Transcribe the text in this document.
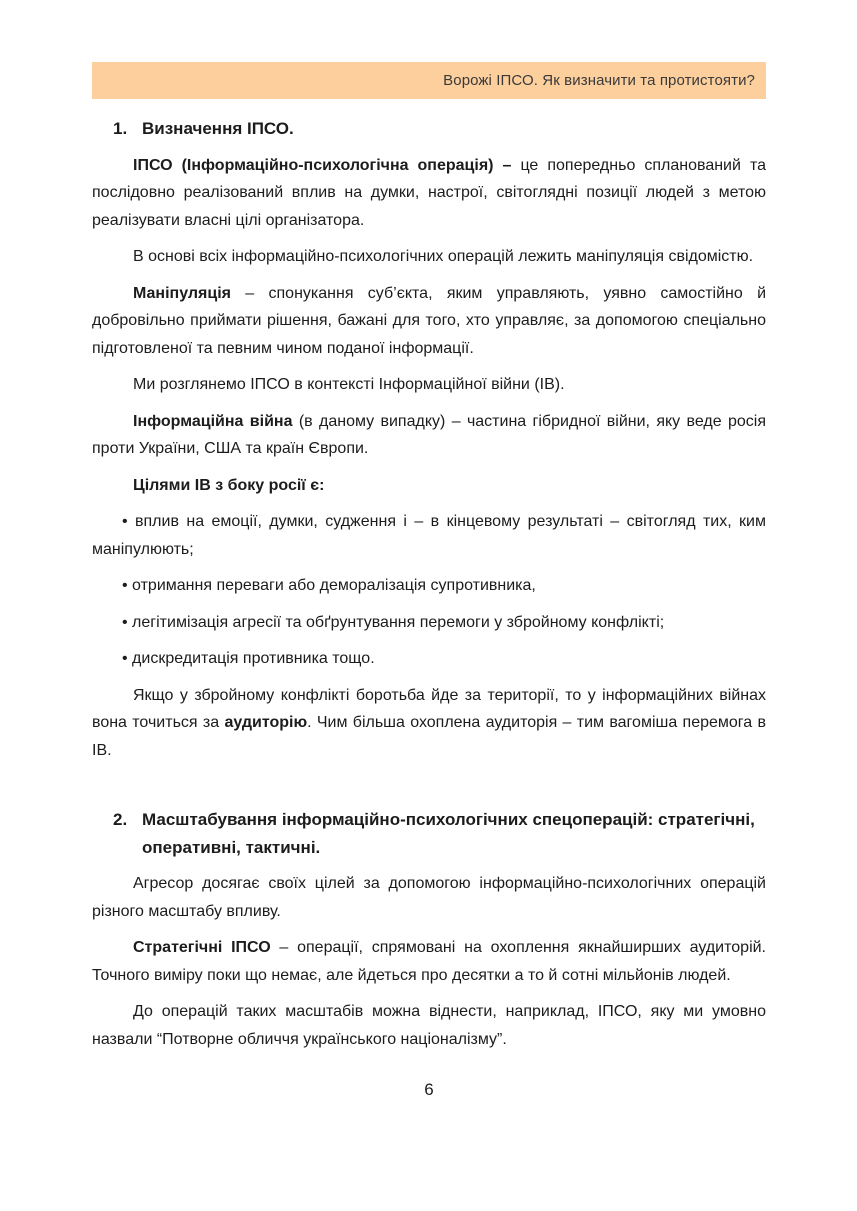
Ворожі ІПСО. Як визначити та протистояти?
1. Визначення ІПСО.

ІПСО (Інформаційно-психологічна операція) – це попередньо спланований та послідовно реалізований вплив на думки, настрої, світоглядні позиції людей з метою реалізувати власні цілі організатора.

В основі всіх інформаційно-психологічних операцій лежить маніпуляція свідомістю.

Маніпуляція – спонукання суб’єкта, яким управляють, уявно самостійно й добровільно приймати рішення, бажані для того, хто управляє, за допомогою спеціально підготовленої та певним чином поданої інформації.

Ми розглянемо ІПСО в контексті Інформаційної війни (ІВ).

Інформаційна війна (в даному випадку) – частина гібридної війни, яку веде росія проти України, США та країн Європи.

Цілями ІВ з боку росії є:

• вплив на емоції, думки, судження і – в кінцевому результаті – світогляд тих, ким маніпулюють;

• отримання переваги або деморалізація супротивника,

• легітимізація агресії та обґрунтування перемоги у збройному конфлікті;

• дискредитація противника тощо.

Якщо у збройному конфлікті боротьба йде за території, то у інформаційних війнах вона точиться за аудиторію. Чим більша охоплена аудиторія – тим вагоміша перемога в ІВ.

2. Масштабування інформаційно-психологічних спецоперацій: стратегічні, оперативні, тактичні.

Агресор досягає своїх цілей за допомогою інформаційно-психологічних операцій різного масштабу впливу.

Стратегічні ІПСО – операції, спрямовані на охоплення якнайширших аудиторій. Точного виміру поки що немає, але йдеться про десятки а то й сотні мільйонів людей.

До операцій таких масштабів можна віднести, наприклад, ІПСО, яку ми умовно назвали “Потворне обличчя українського націоналізму”.

6
